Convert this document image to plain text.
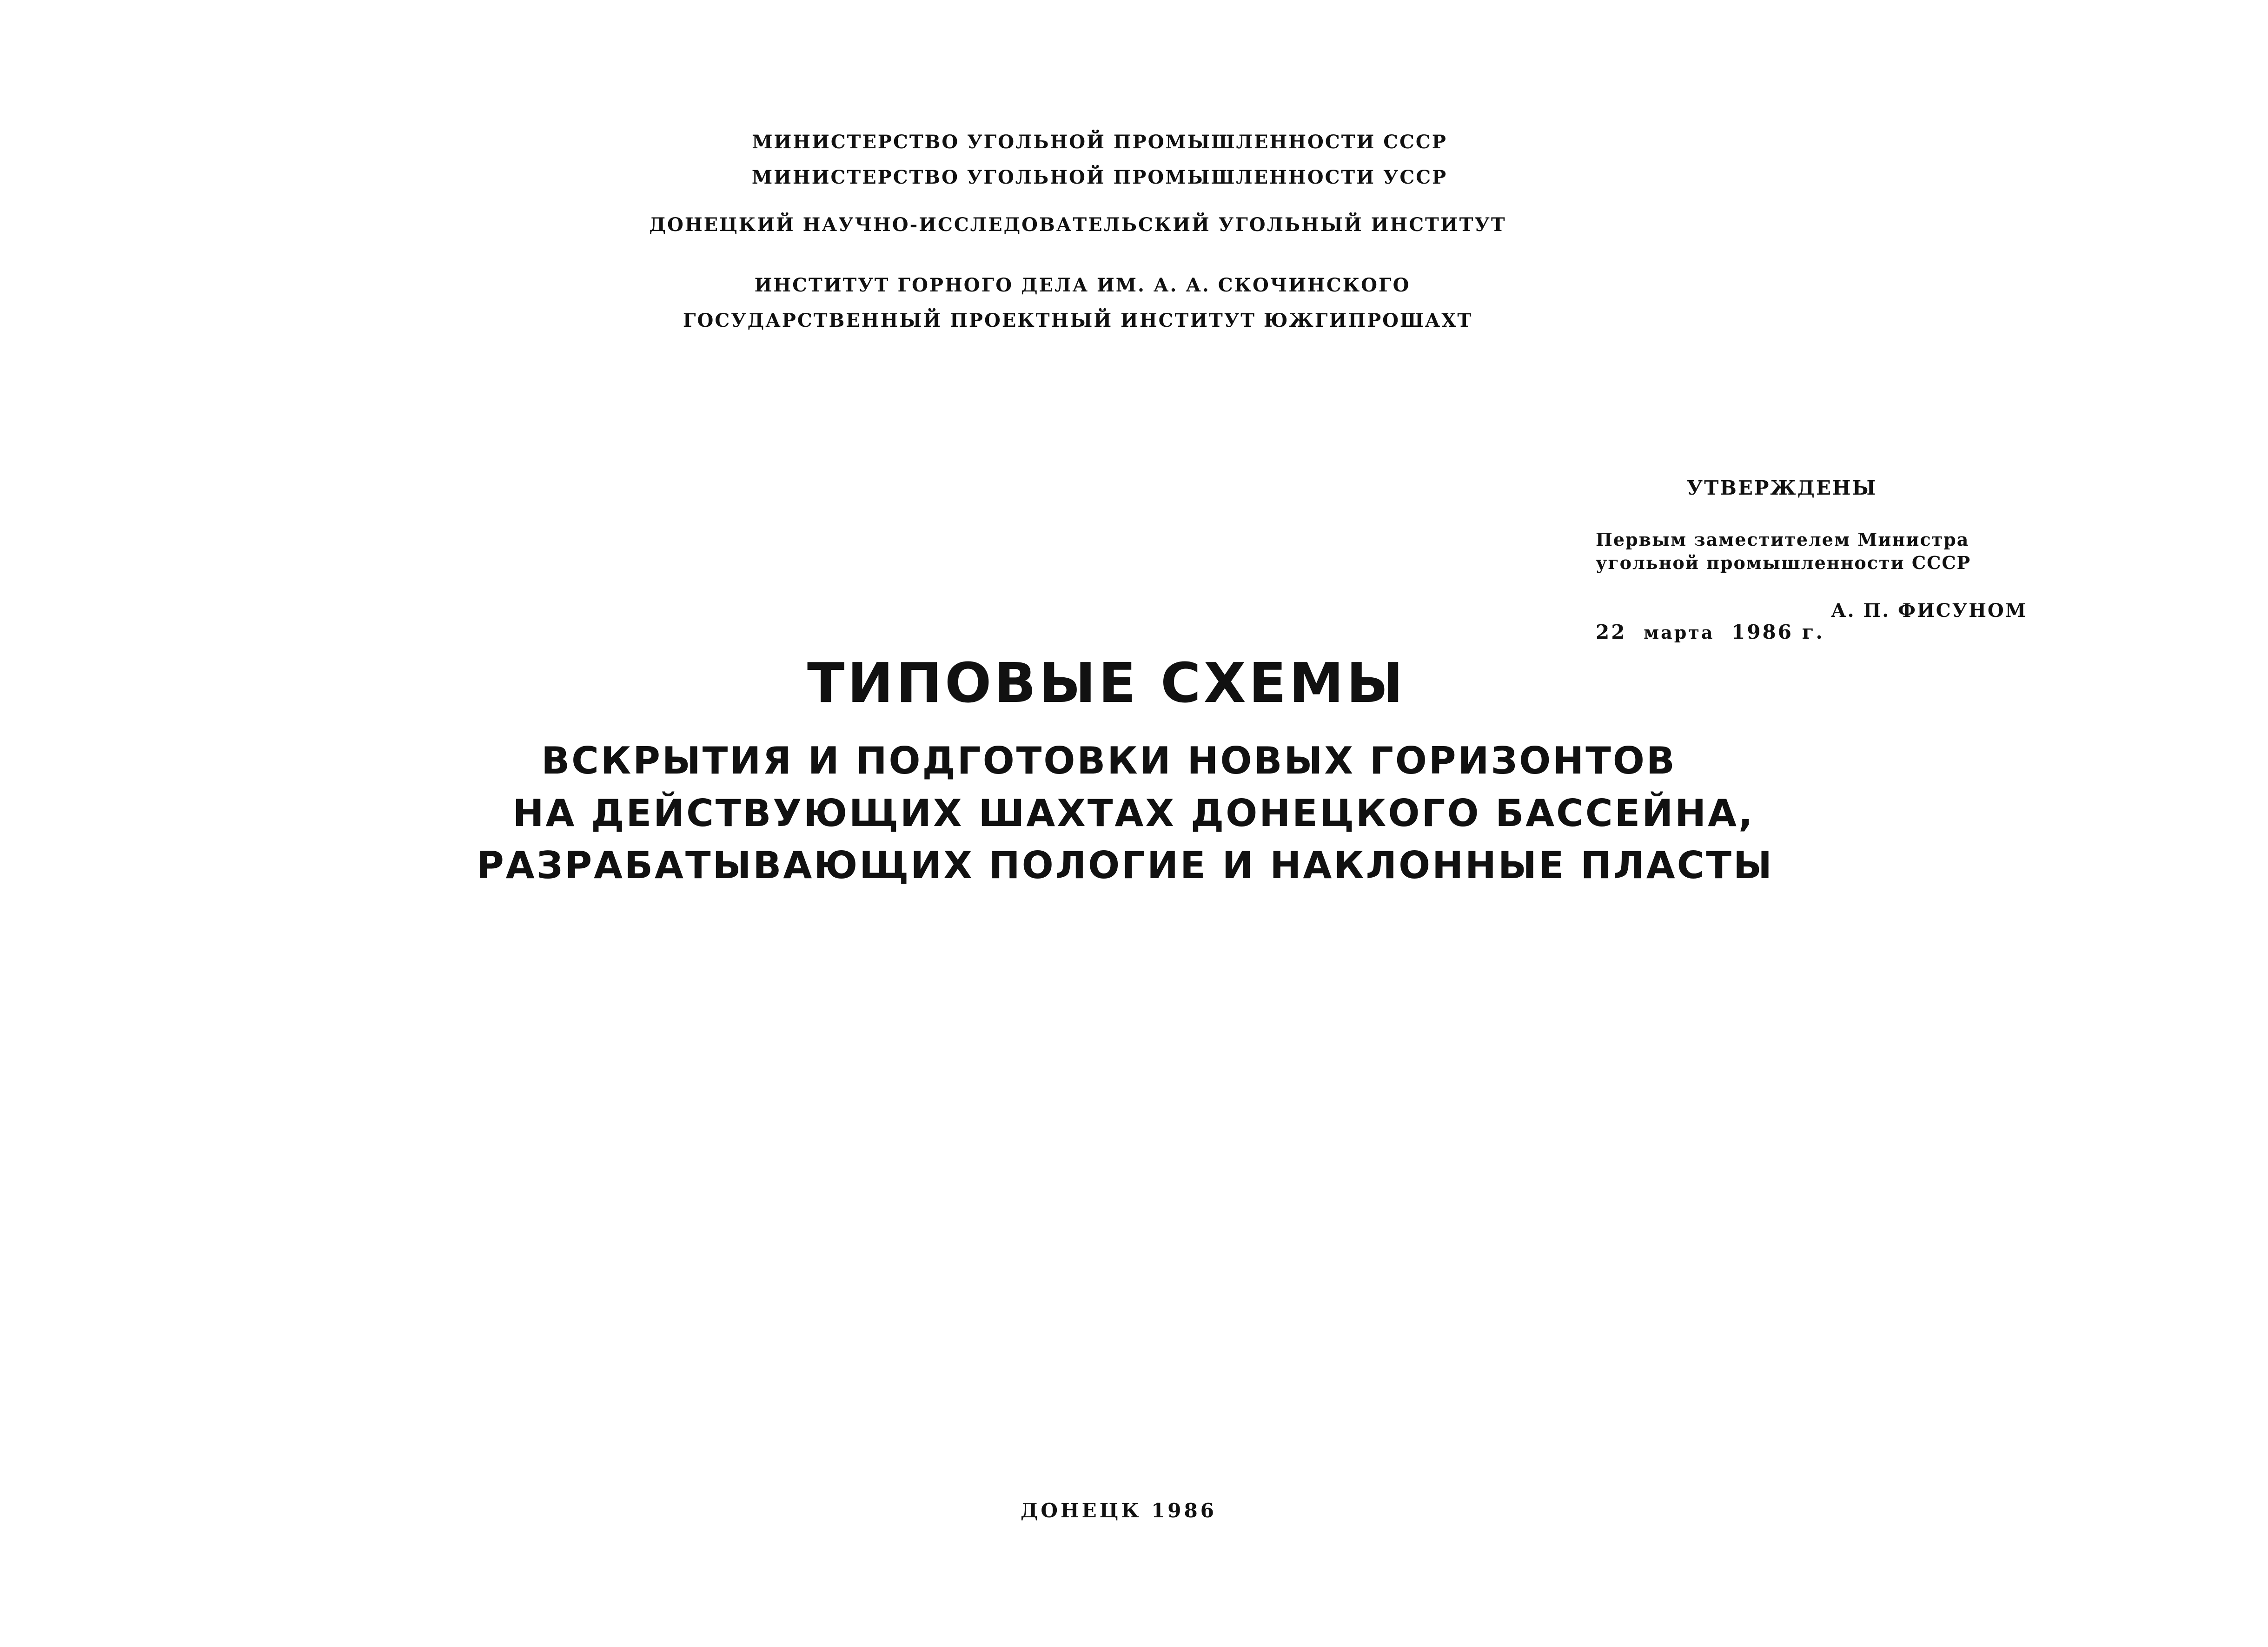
МИНИСТЕРСТВО УГОЛЬНОЙ ПРОМЫШЛЕННОСТИ СССР
МИНИСТЕРСТВО УГОЛЬНОЙ ПРОМЫШЛЕННОСТИ УССР
ДОНЕЦКИЙ НАУЧНО-ИССЛЕДОВАТЕЛЬСКИЙ УГОЛЬНЫЙ ИНСТИТУТ
ИНСТИТУТ ГОРНОГО ДЕЛА ИМ. А. А. СКОЧИНСКОГО
ГОСУДАРСТВЕННЫЙ ПРОЕКТНЫЙ ИНСТИТУТ ЮЖГИПРОШАХТ
УТВЕРЖДЕНЫ
Первым заместителем Министра
угольной промышленности СССР
А. П. ФИСУНОМ
22 марта 1986 г.
ТИПОВЫЕ СХЕМЫ
ВСКРЫТИЯ И ПОДГОТОВКИ НОВЫХ ГОРИЗОНТОВ
НА ДЕЙСТВУЮЩИХ ШАХТАХ ДОНЕЦКОГО БАССЕЙНА,
РАЗРАБАТЫВАЮЩИХ ПОЛОГИЕ И НАКЛОННЫЕ ПЛАСТЫ
ДОНЕЦК 1986
